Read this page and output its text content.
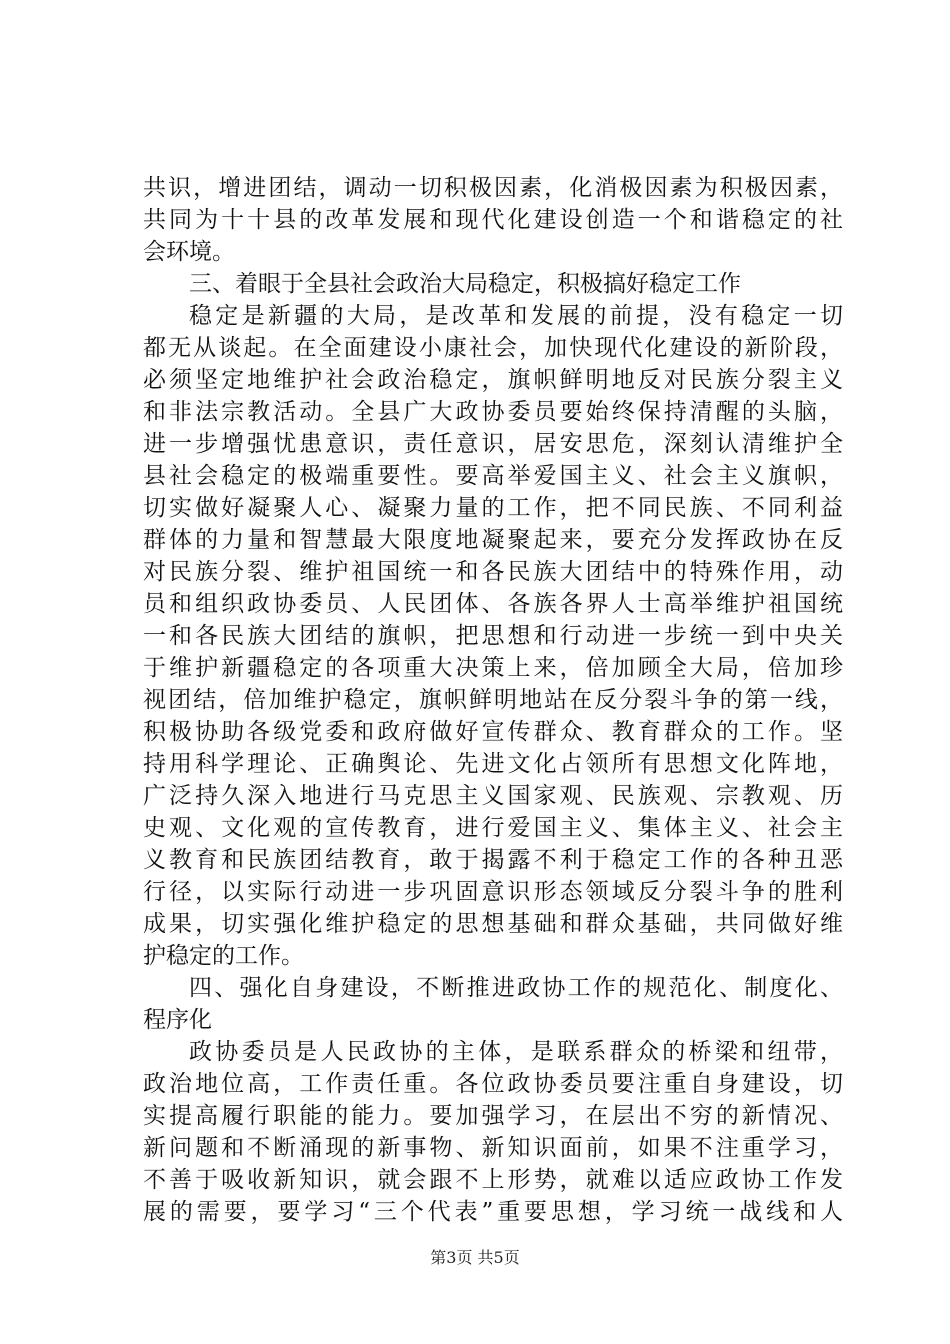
共识，增进团结，调动一切积极因素，化消极因素为积极因素，
共同为十十县的改革发展和现代化建设创造一个和谐稳定的社
会环境。
三、着眼于全县社会政治大局稳定，积极搞好稳定工作
稳定是新疆的大局，是改革和发展的前提，没有稳定一切
都无从谈起。在全面建设小康社会，加快现代化建设的新阶段，
必须坚定地维护社会政治稳定，旗帜鲜明地反对民族分裂主义
和非法宗教活动。全县广大政协委员要始终保持清醒的头脑，
进一步增强忧患意识，责任意识，居安思危，深刻认清维护全
县社会稳定的极端重要性。要高举爱国主义、社会主义旗帜，
切实做好凝聚人心、凝聚力量的工作，把不同民族、不同利益
群体的力量和智慧最大限度地凝聚起来，要充分发挥政协在反
对民族分裂、维护祖国统一和各民族大团结中的特殊作用，动
员和组织政协委员、人民团体、各族各界人士高举维护祖国统
一和各民族大团结的旗帜，把思想和行动进一步统一到中央关
于维护新疆稳定的各项重大决策上来，倍加顾全大局，倍加珍
视团结，倍加维护稳定，旗帜鲜明地站在反分裂斗争的第一线，
积极协助各级党委和政府做好宣传群众、教育群众的工作。坚
持用科学理论、正确舆论、先进文化占领所有思想文化阵地，
广泛持久深入地进行马克思主义国家观、民族观、宗教观、历
史观、文化观的宣传教育，进行爱国主义、集体主义、社会主
义教育和民族团结教育，敢于揭露不利于稳定工作的各种丑恶
行径，以实际行动进一步巩固意识形态领域反分裂斗争的胜利
成果，切实强化维护稳定的思想基础和群众基础，共同做好维
护稳定的工作。
四、强化自身建设，不断推进政协工作的规范化、制度化、
程序化
政协委员是人民政协的主体，是联系群众的桥梁和纽带，
政治地位高，工作责任重。各位政协委员要注重自身建设，切
实提高履行职能的能力。要加强学习，在层出不穷的新情况、
新问题和不断涌现的新事物、新知识面前，如果不注重学习，
不善于吸收新知识，就会跟不上形势，就难以适应政协工作发
展的需要，要学习“三个代表”重要思想，学习统一战线和人
第3页 共5页
